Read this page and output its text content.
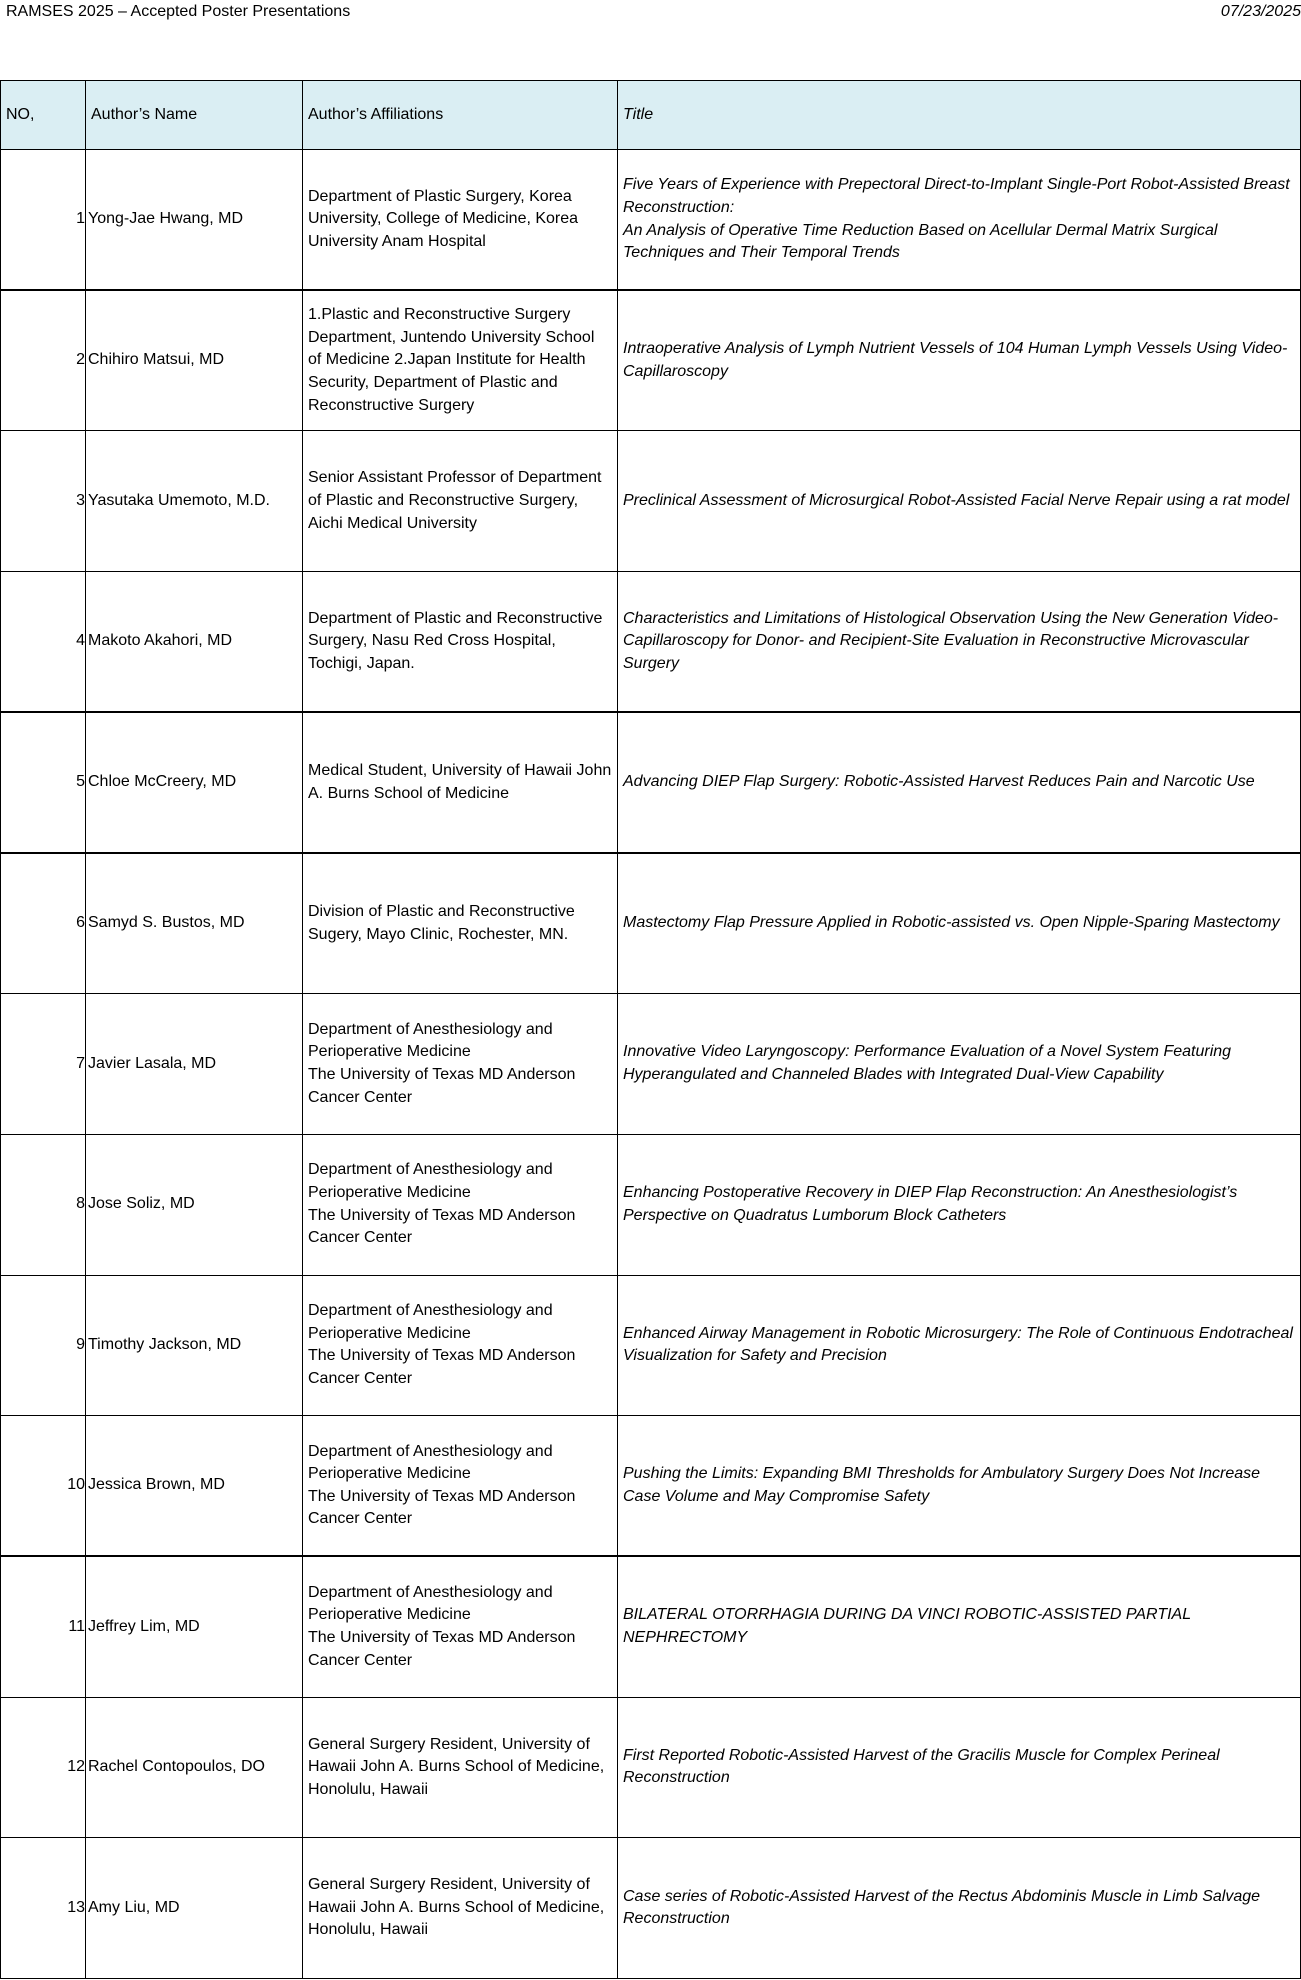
RAMSES 2025 – Accepted Poster Presentations	07/23/2025
NO,	Author’s Name	Author’s Affiliations	Title
1	Yong-Jae Hwang, MD	Department of Plastic Surgery, Korea University, College of Medicine, Korea University Anam Hospital	Five Years of Experience with Prepectoral Direct-to-Implant Single-Port Robot-Assisted Breast Reconstruction:
An Analysis of Operative Time Reduction Based on Acellular Dermal Matrix Surgical Techniques and Their Temporal Trends
2	Chihiro Matsui, MD	1.Plastic and Reconstructive Surgery Department, Juntendo University School of Medicine 2.Japan Institute for Health Security, Department of Plastic and Reconstructive Surgery	Intraoperative Analysis of Lymph Nutrient Vessels of 104 Human Lymph Vessels Using Video-Capillaroscopy
3	Yasutaka Umemoto, M.D.	Senior Assistant Professor of Department of Plastic and Reconstructive Surgery, Aichi Medical University	Preclinical Assessment of Microsurgical Robot-Assisted Facial Nerve Repair using a rat model
4	Makoto Akahori, MD	Department of Plastic and Reconstructive Surgery, Nasu Red Cross Hospital, Tochigi, Japan.	Characteristics and Limitations of Histological Observation Using the New Generation Video-Capillaroscopy for Donor- and Recipient-Site Evaluation in Reconstructive Microvascular Surgery
5	Chloe McCreery, MD	Medical Student, University of Hawaii John A. Burns School of Medicine	Advancing DIEP Flap Surgery: Robotic-Assisted Harvest Reduces Pain and Narcotic Use
6	Samyd S. Bustos, MD	Division of Plastic and Reconstructive Sugery, Mayo Clinic, Rochester, MN.	Mastectomy Flap Pressure Applied in Robotic-assisted vs. Open Nipple-Sparing Mastectomy
7	Javier Lasala, MD	Department of Anesthesiology and Perioperative Medicine
The University of Texas MD Anderson Cancer Center	Innovative Video Laryngoscopy: Performance Evaluation of a Novel System Featuring Hyperangulated and Channeled Blades with Integrated Dual-View Capability
8	Jose Soliz, MD	Department of Anesthesiology and Perioperative Medicine
The University of Texas MD Anderson Cancer Center	Enhancing Postoperative Recovery in DIEP Flap Reconstruction: An Anesthesiologist’s Perspective on Quadratus Lumborum Block Catheters
9	Timothy Jackson, MD	Department of Anesthesiology and Perioperative Medicine
The University of Texas MD Anderson Cancer Center	Enhanced Airway Management in Robotic Microsurgery: The Role of Continuous Endotracheal Visualization for Safety and Precision
10	Jessica Brown, MD	Department of Anesthesiology and Perioperative Medicine
The University of Texas MD Anderson Cancer Center	Pushing the Limits: Expanding BMI Thresholds for Ambulatory Surgery Does Not Increase Case Volume and May Compromise Safety
11	Jeffrey Lim, MD	Department of Anesthesiology and Perioperative Medicine
The University of Texas MD Anderson Cancer Center	BILATERAL OTORRHAGIA DURING DA VINCI ROBOTIC-ASSISTED PARTIAL NEPHRECTOMY
12	Rachel Contopoulos, DO	General Surgery Resident, University of Hawaii John A. Burns School of Medicine, Honolulu, Hawaii	First Reported Robotic-Assisted Harvest of the Gracilis Muscle for Complex Perineal Reconstruction
13	Amy Liu, MD	General Surgery Resident, University of Hawaii John A. Burns School of Medicine, Honolulu, Hawaii	Case series of Robotic-Assisted Harvest of the Rectus Abdominis Muscle in Limb Salvage Reconstruction
